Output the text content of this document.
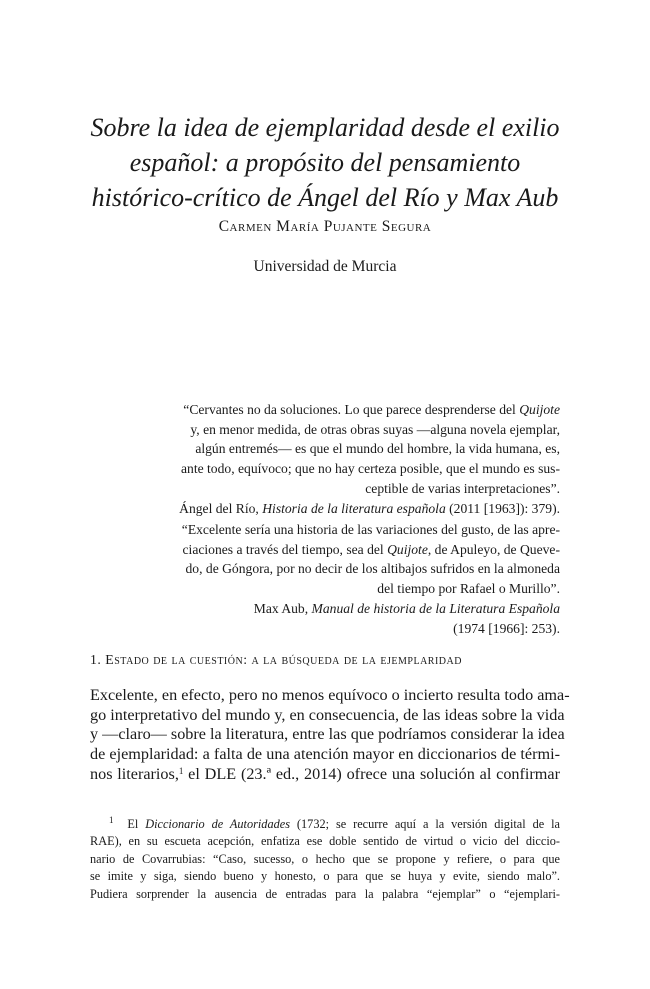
Sobre la idea de ejemplaridad desde el exilio
español: a propósito del pensamiento
histórico-crítico de Ángel del Río y Max Aub
Carmen María Pujante Segura
Universidad de Murcia
“Cervantes no da soluciones. Lo que parece desprenderse del Quijote
y, en menor medida, de otras obras suyas —alguna novela ejemplar,
algún entremés— es que el mundo del hombre, la vida humana, es,
ante todo, equívoco; que no hay certeza posible, que el mundo es sus-
ceptible de varias interpretaciones”.
Ángel del Río, Historia de la literatura española (2011 [1963]): 379).
“Excelente sería una historia de las variaciones del gusto, de las apre-
ciaciones a través del tiempo, sea del Quijote, de Apuleyo, de Queve-
do, de Góngora, por no decir de los altibajos sufridos en la almoneda
del tiempo por Rafael o Murillo”.
Max Aub, Manual de historia de la Literatura Española
(1974 [1966]: 253).
1. Estado de la cuestión: a la búsqueda de la ejemplaridad
Excelente, en efecto, pero no menos equívoco o incierto resulta todo ama-
go interpretativo del mundo y, en consecuencia, de las ideas sobre la vida
y —claro— sobre la literatura, entre las que podríamos considerar la idea
de ejemplaridad: a falta de una atención mayor en diccionarios de térmi-
nos literarios,$^1$ el DLE (23.ª ed., 2014) ofrece una solución al confirmar
$^1$ El Diccionario de Autoridades (1732; se recurre aquí a la versión digital de la
RAE), en su escueta acepción, enfatiza ese doble sentido de virtud o vicio del diccio-
nario de Covarrubias: “Caso, sucesso, o hecho que se propone y refiere, o para que
se imite y siga, siendo bueno y honesto, o para que se huya y evite, siendo malo”.
Pudiera sorprender la ausencia de entradas para la palabra “ejemplar” o “ejemplari-
